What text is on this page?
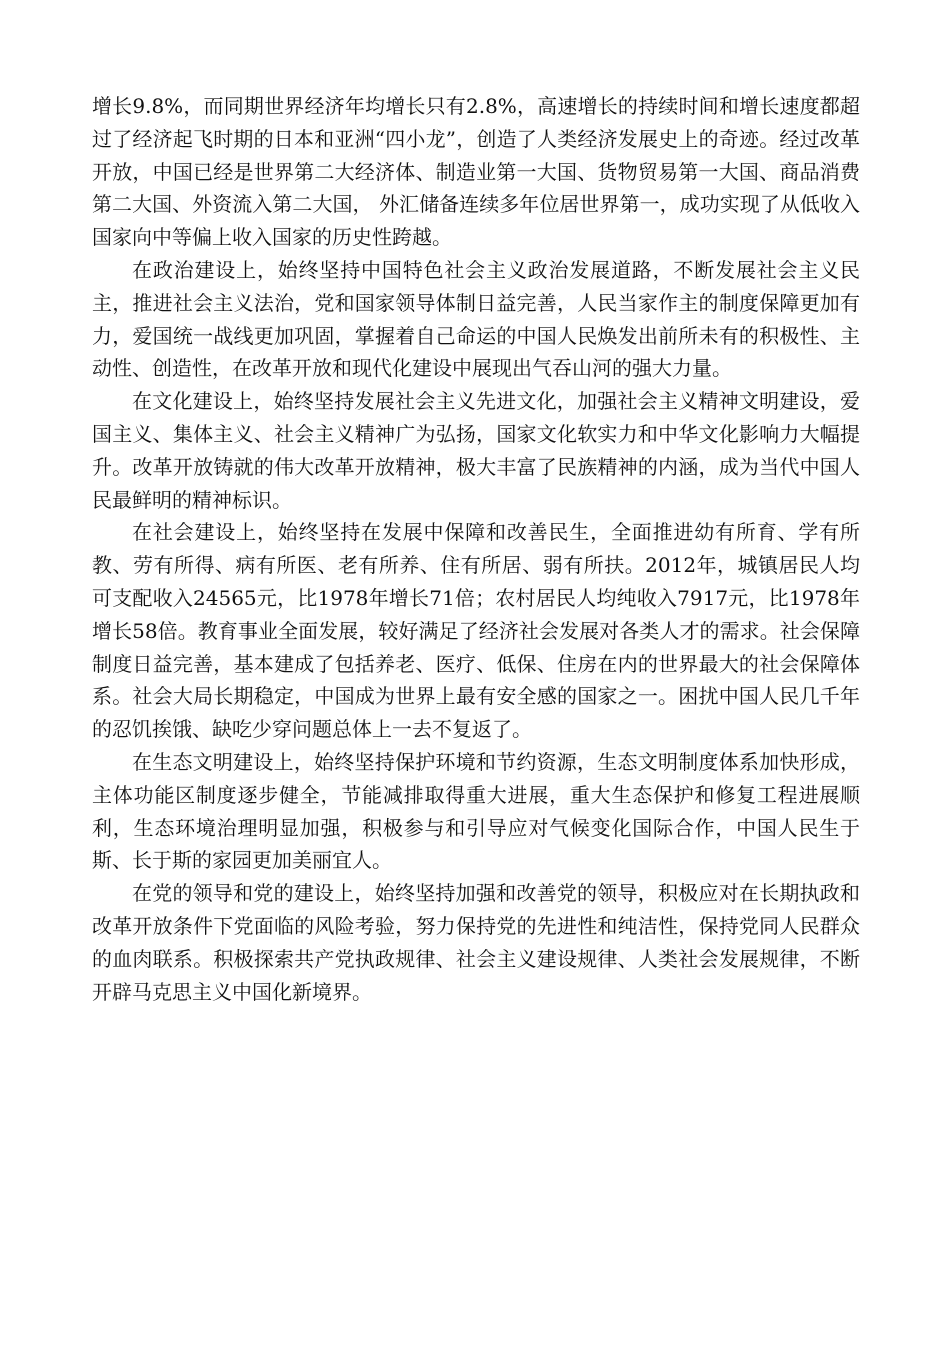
增长9.8%，而同期世界经济年均增长只有2.8%，高速增长的持续时间和增长速度都超过了经济起飞时期的日本和亚洲“四小龙”，创造了人类经济发展史上的奇迹。经过改革开放，中国已经是世界第二大经济体、制造业第一大国、货物贸易第一大国、商品消费第二大国、外资流入第二大国， 外汇储备连续多年位居世界第一，成功实现了从低收入国家向中等偏上收入国家的历史性跨越。

在政治建设上，始终坚持中国特色社会主义政治发展道路，不断发展社会主义民主，推进社会主义法治，党和国家领导体制日益完善，人民当家作主的制度保障更加有力，爱国统一战线更加巩固，掌握着自己命运的中国人民焕发出前所未有的积极性、主动性、创造性，在改革开放和现代化建设中展现出气吞山河的强大力量。

在文化建设上，始终坚持发展社会主义先进文化，加强社会主义精神文明建设，爱国主义、集体主义、社会主义精神广为弘扬，国家文化软实力和中华文化影响力大幅提升。改革开放铸就的伟大改革开放精神，极大丰富了民族精神的内涵，成为当代中国人民最鲜明的精神标识。

在社会建设上，始终坚持在发展中保障和改善民生，全面推进幼有所育、学有所教、劳有所得、病有所医、老有所养、住有所居、弱有所扶。2012年，城镇居民人均可支配收入24565元，比1978年增长71倍；农村居民人均纯收入7917元，比1978年增长58倍。教育事业全面发展，较好满足了经济社会发展对各类人才的需求。社会保障制度日益完善，基本建成了包括养老、医疗、低保、住房在内的世界最大的社会保障体系。社会大局长期稳定，中国成为世界上最有安全感的国家之一。困扰中国人民几千年的忍饥挨饿、缺吃少穿问题总体上一去不复返了。

在生态文明建设上，始终坚持保护环境和节约资源，生态文明制度体系加快形成，主体功能区制度逐步健全，节能减排取得重大进展，重大生态保护和修复工程进展顺利，生态环境治理明显加强，积极参与和引导应对气候变化国际合作，中国人民生于斯、长于斯的家园更加美丽宜人。

在党的领导和党的建设上，始终坚持加强和改善党的领导，积极应对在长期执政和改革开放条件下党面临的风险考验，努力保持党的先进性和纯洁性，保持党同人民群众的血肉联系。积极探索共产党执政规律、社会主义建设规律、人类社会发展规律，不断开辟马克思主义中国化新境界。
